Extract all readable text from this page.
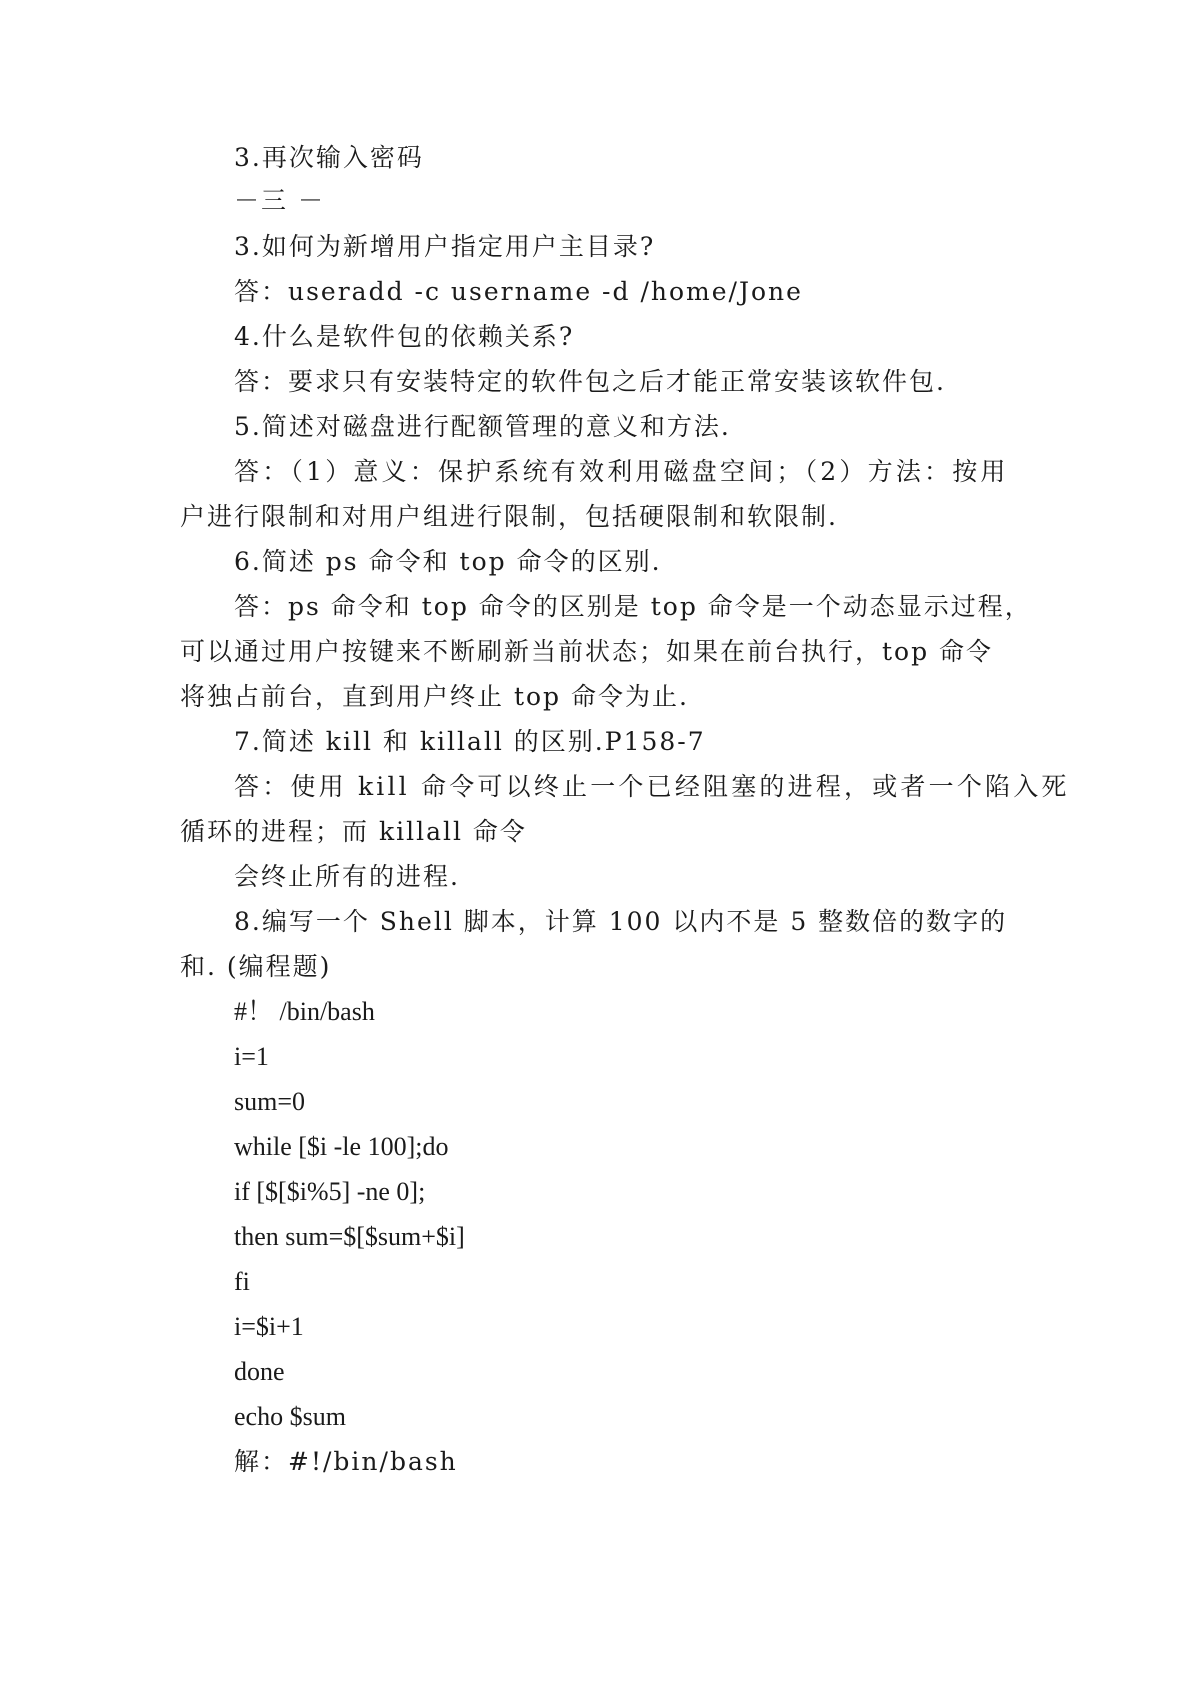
3.再次输入密码
－三 －
3.如何为新增用户指定用户主目录?
答：useradd -c username -d /home/Jone
4.什么是软件包的依赖关系?
答：要求只有安装特定的软件包之后才能正常安装该软件包.
5.简述对磁盘进行配额管理的意义和方法.
答：（1）意义：保护系统有效利用磁盘空间；（2）方法：按用
户进行限制和对用户组进行限制，包括硬限制和软限制.
6.简述 ps 命令和 top 命令的区别.
答：ps 命令和 top 命令的区别是 top 命令是一个动态显示过程，
可以通过用户按键来不断刷新当前状态；如果在前台执行，top 命令
将独占前台，直到用户终止 top 命令为止.
7.简述 kill 和 killall 的区别.P158-7
答：使用 kill 命令可以终止一个已经阻塞的进程，或者一个陷入死
循环的进程；而 killall 命令
会终止所有的进程.
8.编写一个 Shell 脚本，计算 100 以内不是 5 整数倍的数字的
和. (编程题)
#！ /bin/bash
i=1
sum=0
while [$i -le 100];do
if [$[$i%5] -ne 0];
then sum=$[$sum+$i]
fi
i=$i+1
done
echo $sum
解：#!/bin/bash
